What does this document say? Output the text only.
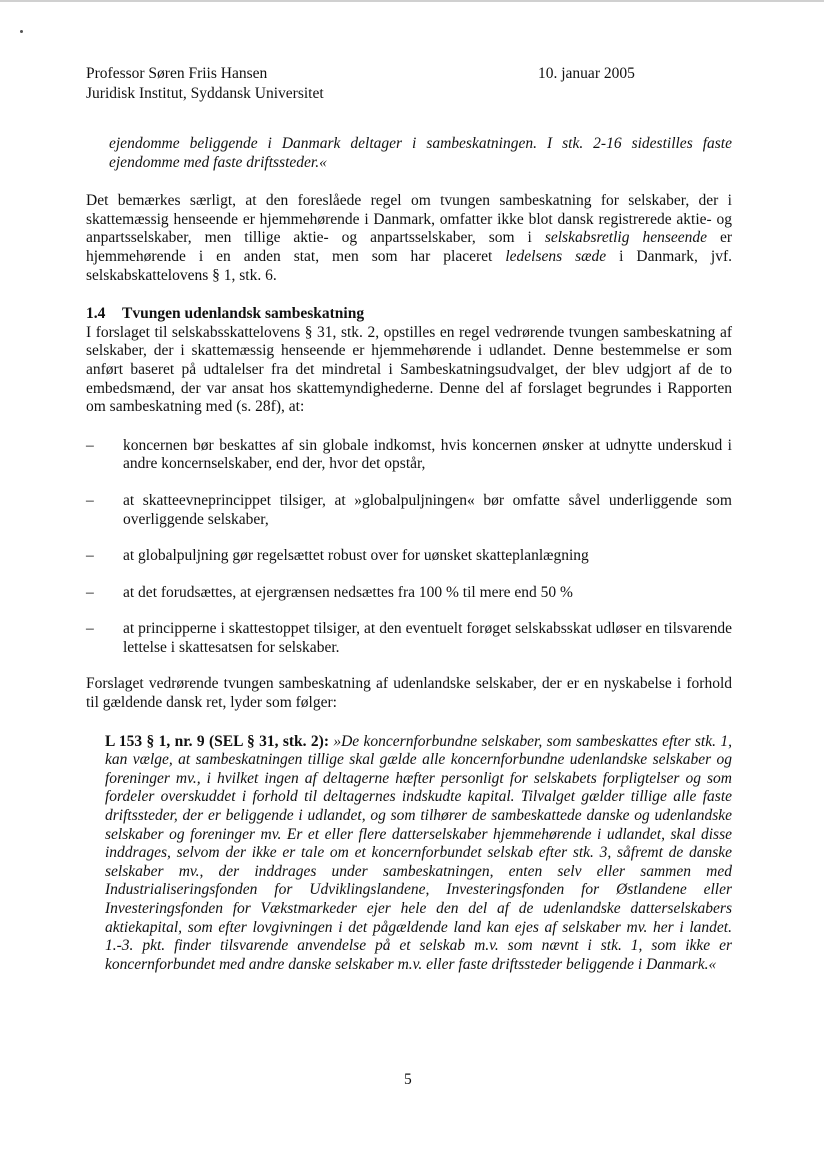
Professor Søren Friis Hansen
Juridisk Institut, Syddansk Universitet
10. januar 2005

ejendomme beliggende i Danmark deltager i sambeskatningen. I stk. 2-16 sidestilles faste ejendomme med faste driftssteder.«

Det bemærkes særligt, at den foreslåede regel om tvungen sambeskatning for selskaber, der i skattemæssig henseende er hjemmehørende i Danmark, omfatter ikke blot dansk registrerede aktie- og anpartsselskaber, men tillige aktie- og anpartsselskaber, som i selskabsretlig henseende er hjemmehørende i en anden stat, men som har placeret ledelsens sæde i Danmark, jvf. selskabskattelovens § 1, stk. 6.

1.4 Tvungen udenlandsk sambeskatning

I forslaget til selskabsskattelovens § 31, stk. 2, opstilles en regel vedrørende tvungen sambeskatning af selskaber, der i skattemæssig henseende er hjemmehørende i udlandet. Denne bestemmelse er som anført baseret på udtalelser fra det mindretal i Sambeskatningsudvalget, der blev udgjort af de to embedsmænd, der var ansat hos skattemyndighederne. Denne del af forslaget begrundes i Rapporten om sambeskatning med (s. 28f), at:

– koncernen bør beskattes af sin globale indkomst, hvis koncernen ønsker at udnytte underskud i andre koncernselskaber, end der, hvor det opstår,
– at skatteevneprincippet tilsiger, at »globalpuljningen« bør omfatte såvel underliggende som overliggende selskaber,
– at globalpuljning gør regelsættet robust over for uønsket skatteplanlægning
– at det forudsættes, at ejergrænsen nedsættes fra 100 % til mere end 50 %
– at principperne i skattestoppet tilsiger, at den eventuelt forøget selskabsskat udløser en tilsvarende lettelse i skattesatsen for selskaber.

Forslaget vedrørende tvungen sambeskatning af udenlandske selskaber, der er en nyskabelse i forhold til gældende dansk ret, lyder som følger:

L 153 § 1, nr. 9 (SEL § 31, stk. 2): »De koncernforbundne selskaber, som sambeskattes efter stk. 1, kan vælge, at sambeskatningen tillige skal gælde alle koncernforbundne udenlandske selskaber og foreninger mv., i hvilket ingen af deltagerne hæfter personligt for selskabets forpligtelser og som fordeler overskuddet i forhold til deltagernes indskudte kapital. Tilvalget gælder tillige alle faste driftssteder, der er beliggende i udlandet, og som tilhører de sambeskattede danske og udenlandske selskaber og foreninger mv. Er et eller flere datterselskaber hjemmehørende i udlandet, skal disse inddrages, selvom der ikke er tale om et koncernforbundet selskab efter stk. 3, såfremt de danske selskaber mv., der inddrages under sambeskatningen, enten selv eller sammen med Industrialiseringsfonden for Udviklingslandene, Investeringsfonden for Østlandene eller Investeringsfonden for Vækstmarkeder ejer hele den del af de udenlandske datterselskabers aktiekapital, som efter lovgivningen i det pågældende land kan ejes af selskaber mv. her i landet. 1.-3. pkt. finder tilsvarende anvendelse på et selskab m.v. som nævnt i stk. 1, som ikke er koncernforbundet med andre danske selskaber m.v. eller faste driftssteder beliggende i Danmark.«

5
